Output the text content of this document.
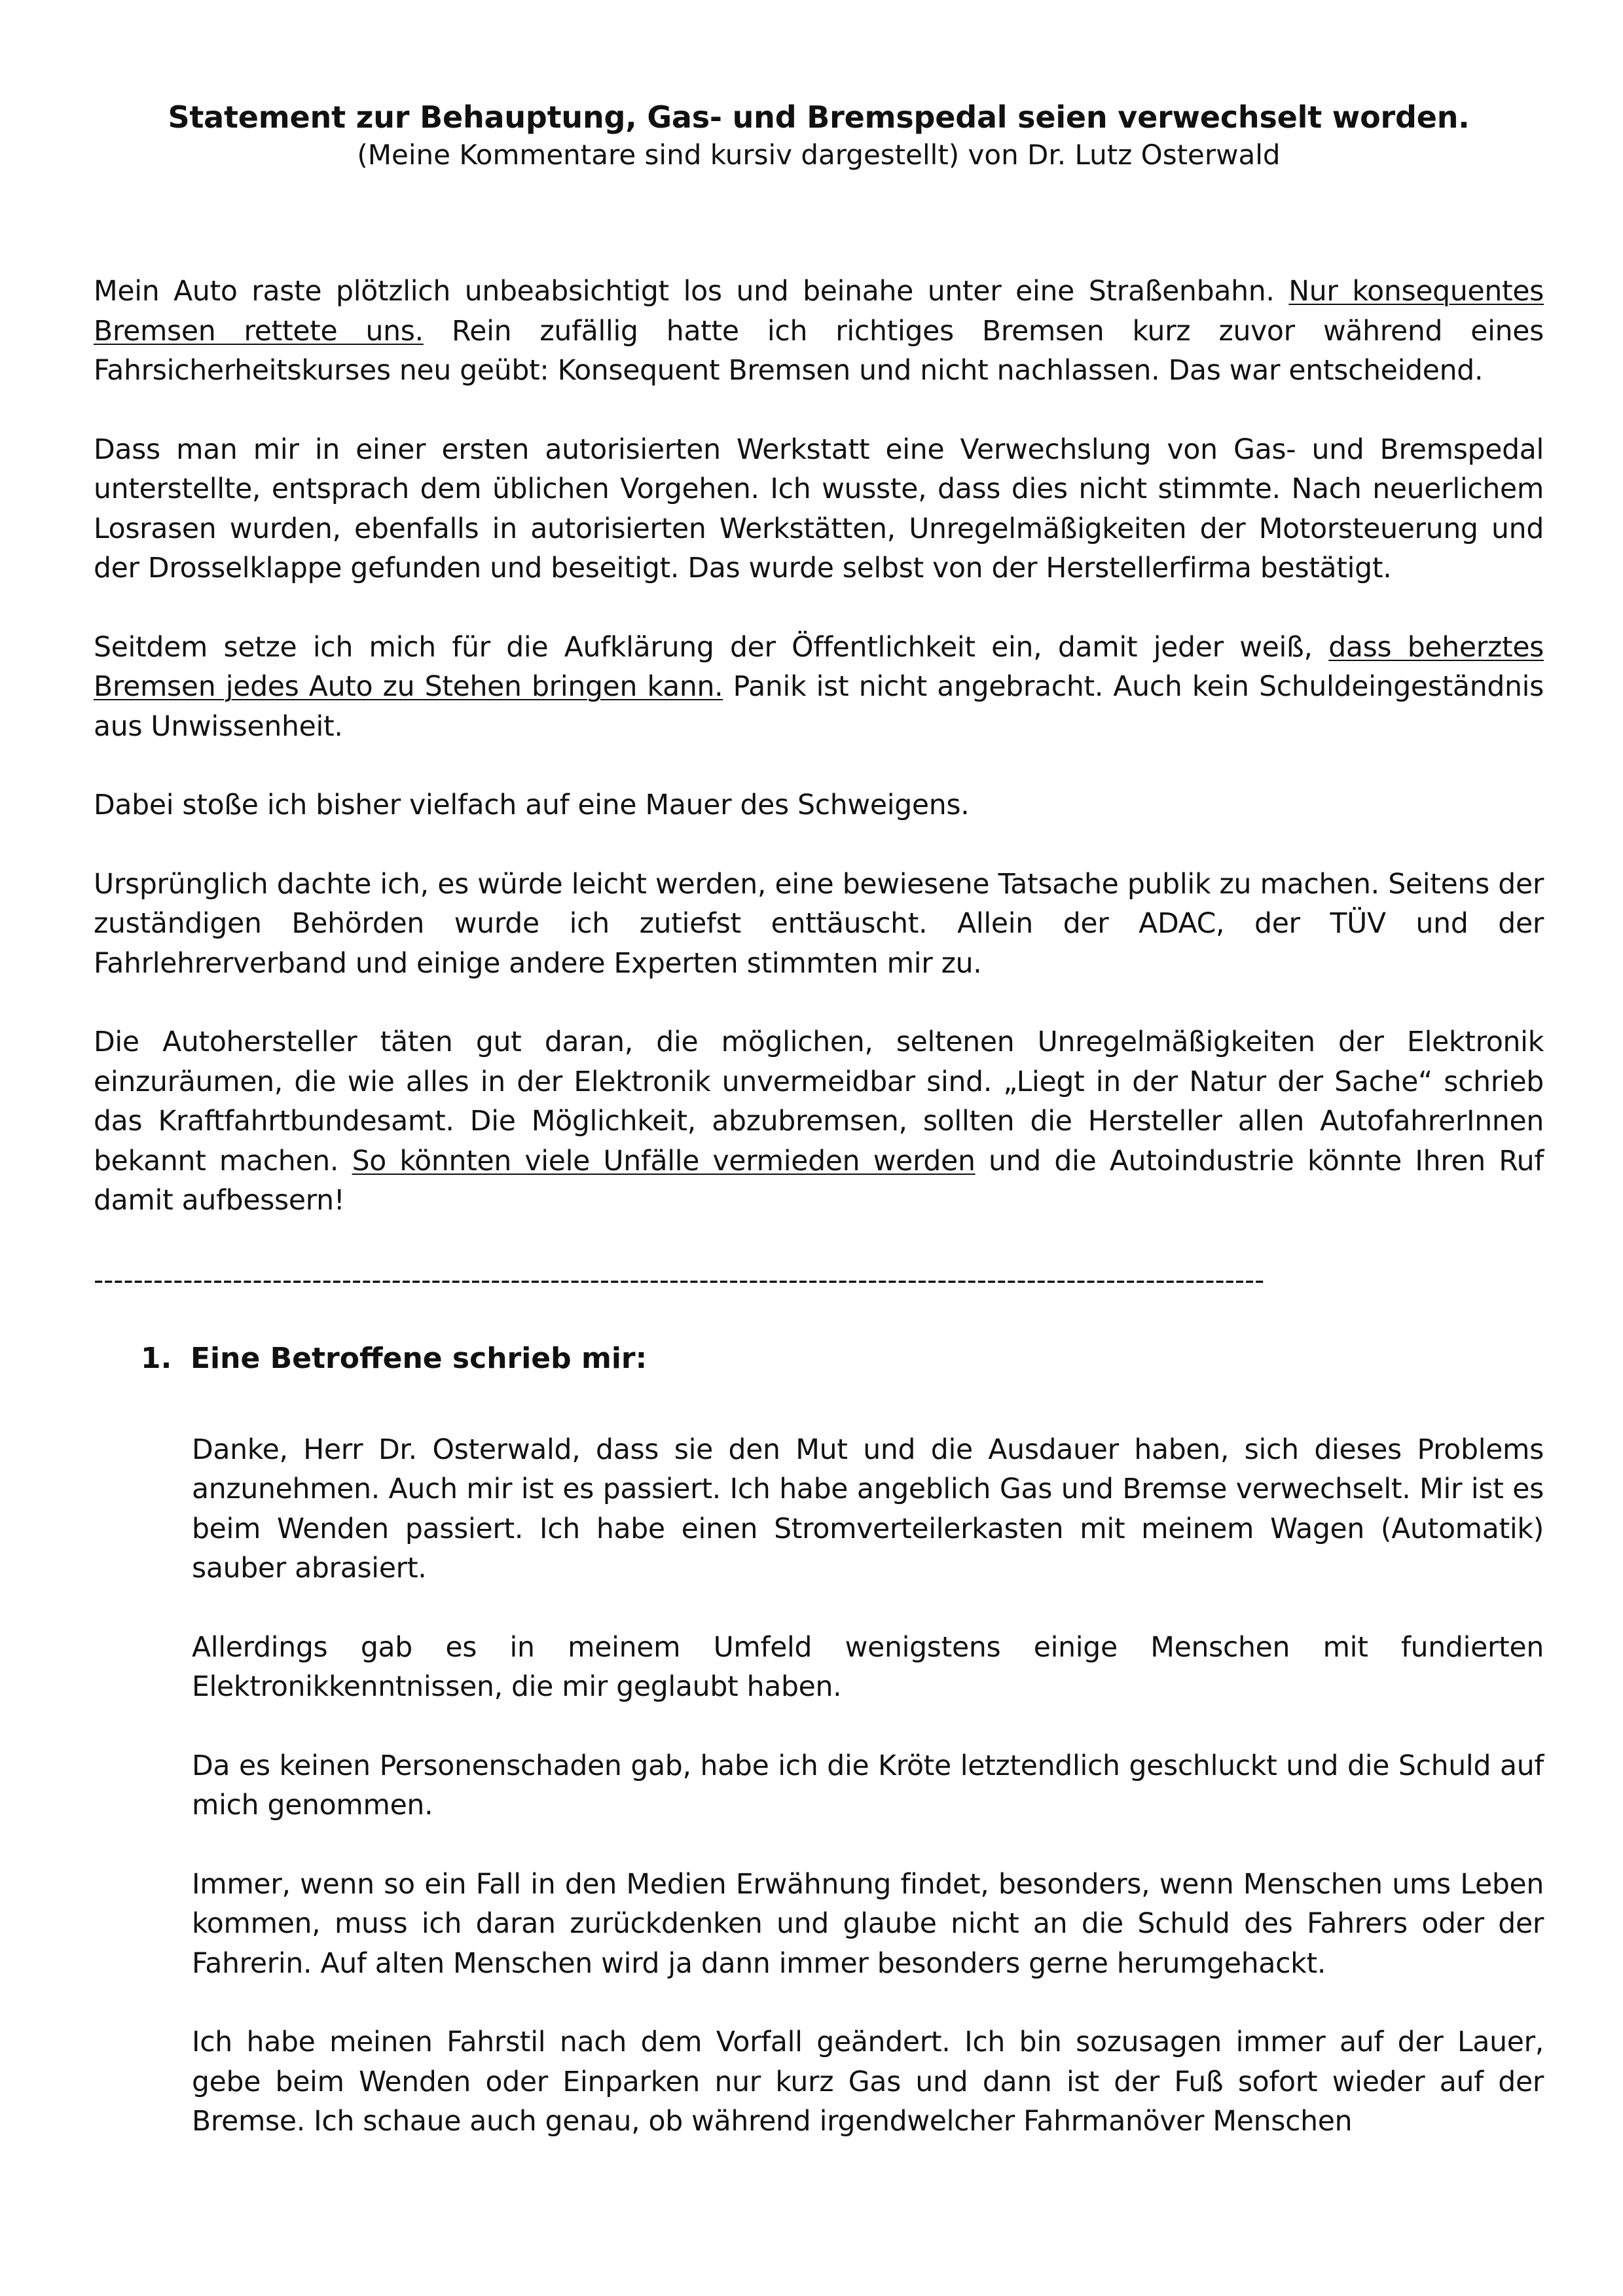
Statement zur Behauptung, Gas- und Bremspedal seien verwechselt worden.
(Meine Kommentare sind kursiv dargestellt) von Dr. Lutz Osterwald

Mein Auto raste plötzlich unbeabsichtigt los und beinahe unter eine Straßenbahn. Nur konsequentes Bremsen rettete uns. Rein zufällig hatte ich richtiges Bremsen kurz zuvor während eines Fahrsicherheitskurses neu geübt: Konsequent Bremsen und nicht nachlassen. Das war entscheidend.

Dass man mir in einer ersten autorisierten Werkstatt eine Verwechslung von Gas- und Bremspedal unterstellte, entsprach dem üblichen Vorgehen. Ich wusste, dass dies nicht stimmte. Nach neuerlichem Losrasen wurden, ebenfalls in autorisierten Werkstätten, Unregelmäßigkeiten der Motorsteuerung und der Drosselklappe gefunden und beseitigt. Das wurde selbst von der Herstellerfirma bestätigt.

Seitdem setze ich mich für die Aufklärung der Öffentlichkeit ein, damit jeder weiß, dass beherztes Bremsen jedes Auto zu Stehen bringen kann. Panik ist nicht angebracht. Auch kein Schuldeingeständnis aus Unwissenheit.

Dabei stoße ich bisher vielfach auf eine Mauer des Schweigens.

Ursprünglich dachte ich, es würde leicht werden, eine bewiesene Tatsache publik zu machen. Seitens der zuständigen Behörden wurde ich zutiefst enttäuscht. Allein der ADAC, der TÜV und der Fahrlehrerverband und einige andere Experten stimmten mir zu.

Die Autohersteller täten gut daran, die möglichen, seltenen Unregelmäßigkeiten der Elektronik einzuräumen, die wie alles in der Elektronik unvermeidbar sind. „Liegt in der Natur der Sache“ schrieb das Kraftfahrtbundesamt. Die Möglichkeit, abzubremsen, sollten die Hersteller allen AutofahrerInnen bekannt machen. So könnten viele Unfälle vermieden werden und die Autoindustrie könnte Ihren Ruf damit aufbessern!

----------------------------------------------------------------------------------------------------------------------
1. Eine Betroffene schrieb mir:

Danke, Herr Dr. Osterwald, dass sie den Mut und die Ausdauer haben, sich dieses Problems anzunehmen. Auch mir ist es passiert. Ich habe angeblich Gas und Bremse verwechselt. Mir ist es beim Wenden passiert. Ich habe einen Stromverteilerkasten mit meinem Wagen (Automatik) sauber abrasiert.

Allerdings gab es in meinem Umfeld wenigstens einige Menschen mit fundierten Elektronikkenntnissen, die mir geglaubt haben.

Da es keinen Personenschaden gab, habe ich die Kröte letztendlich geschluckt und die Schuld auf mich genommen.

Immer, wenn so ein Fall in den Medien Erwähnung findet, besonders, wenn Menschen ums Leben kommen, muss ich daran zurückdenken und glaube nicht an die Schuld des Fahrers oder der Fahrerin. Auf alten Menschen wird ja dann immer besonders gerne herumgehackt.

Ich habe meinen Fahrstil nach dem Vorfall geändert. Ich bin sozusagen immer auf der Lauer, gebe beim Wenden oder Einparken nur kurz Gas und dann ist der Fuß sofort wieder auf der Bremse. Ich schaue auch genau, ob während irgendwelcher Fahrmanöver Menschen
